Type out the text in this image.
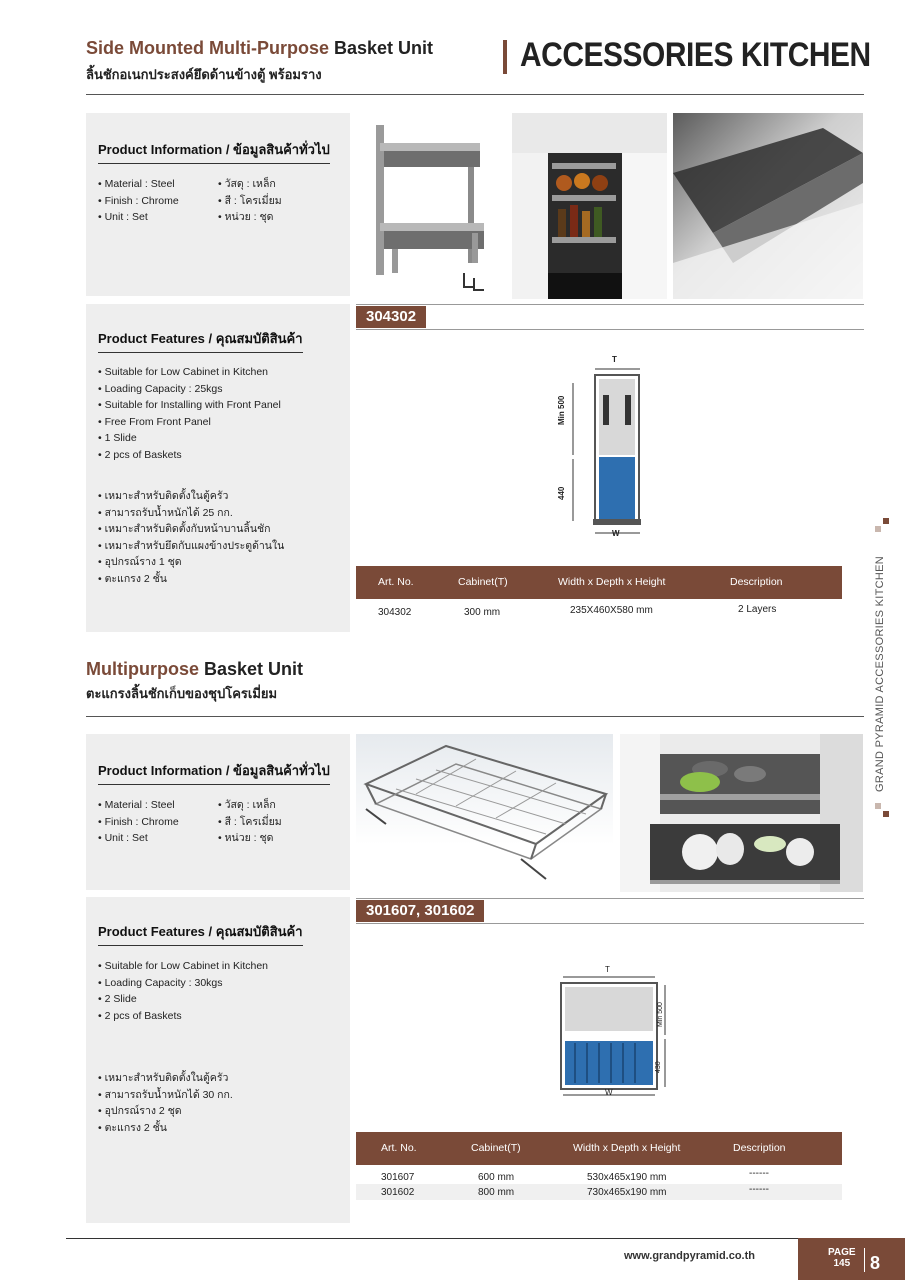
Side Mounted Multi-Purpose Basket Unit
ลิ้นชักอเนกประสงค์ยึดด้านข้างตู้ พร้อมราง
ACCESSORIES KITCHEN
Product Information / ข้อมูลสินค้าทั่วไป
• Material : Steel
• Finish : Chrome
• Unit : Set
• วัสดุ : เหล็ก
• สี : โครเมี่ยม
• หน่วย : ชุด
Product Features / คุณสมบัติสินค้า
• Suitable for Low Cabinet in Kitchen
• Loading Capacity : 25kgs
• Suitable for Installing with Front Panel
• Free From Front Panel
• 1 Slide
• 2 pcs of Baskets
• เหมาะสำหรับติดตั้งในตู้ครัว
• สามารถรับน้ำหนักได้ 25 กก.
• เหมาะสำหรับติดตั้งกับหน้าบานลิ้นชัก
• เหมาะสำหรับยึดกับแผงข้างประตูด้านใน
• อุปกรณ์ราง 1 ชุด
• ตะแกรง 2 ชั้น
304302
T
W
Min 500
440
Art. No.	Cabinet(T)	Width x Depth x Height	Description
304302	300 mm	235X460X580 mm	2 Layers
Multipurpose Basket Unit
ตะแกรงลิ้นชักเก็บของชุปโครเมี่ยม
Product Information / ข้อมูลสินค้าทั่วไป
• Material : Steel
• Finish : Chrome
• Unit : Set
• วัสดุ : เหล็ก
• สี : โครเมี่ยม
• หน่วย : ชุด
Product Features / คุณสมบัติสินค้า
• Suitable for Low Cabinet in Kitchen
• Loading Capacity : 30kgs
• 2 Slide
• 2 pcs of Baskets
• เหมาะสำหรับติดตั้งในตู้ครัว
• สามารถรับน้ำหนักได้ 30 กก.
• อุปกรณ์ราง 2 ชุด
• ตะแกรง 2 ชั้น
301607, 301602
T
W
Min 500
430
Art. No.	Cabinet(T)	Width x Depth x Height	Description
301607	600 mm	530x465x190 mm	------
301602	800 mm	730x465x190 mm	------
GRAND PYRAMID ACCESSORIES KITCHEN
www.grandpyramid.co.th	PAGE
145	8
